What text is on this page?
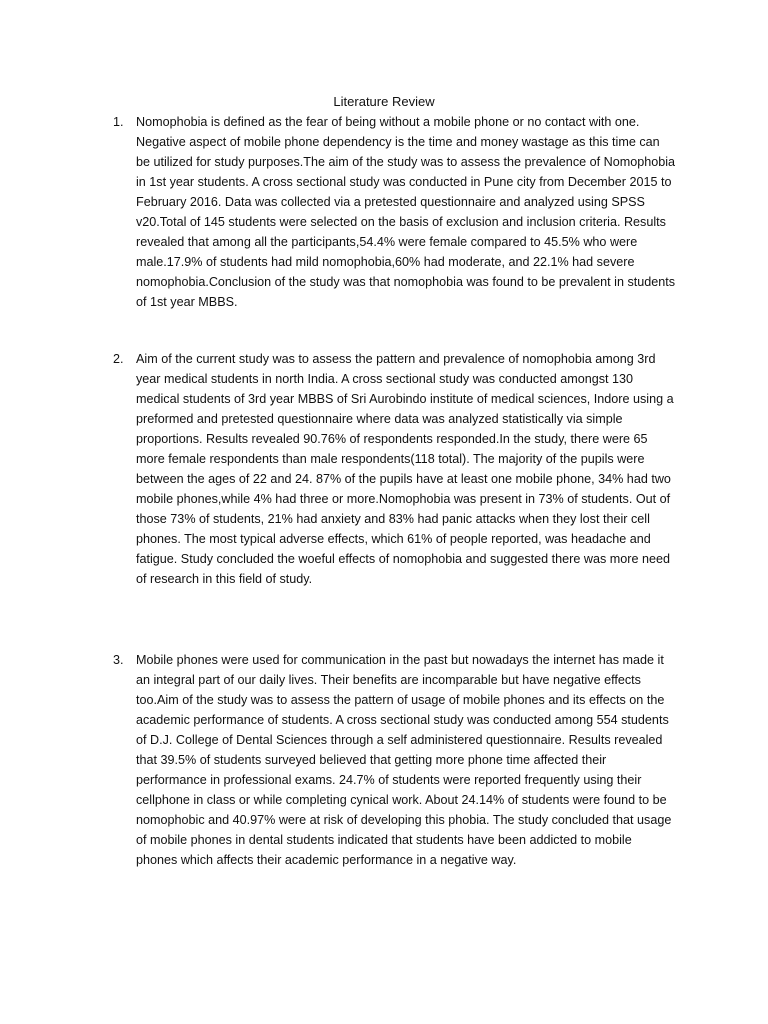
Literature Review
1. Nomophobia is defined as the fear of being without a mobile phone or no contact with one. Negative aspect of mobile phone dependency is the time and money wastage as this time can be utilized for study purposes.The aim of the study was to assess the prevalence of Nomophobia in 1st year students. A cross sectional study was conducted in Pune city from December 2015 to February 2016. Data was collected via a pretested questionnaire and analyzed using SPSS v20.Total of 145 students were selected on the basis of exclusion and inclusion criteria. Results revealed that among all the participants,54.4% were female compared to 45.5% who were male.17.9% of students had mild nomophobia,60% had moderate, and 22.1% had severe nomophobia.Conclusion of the study was that nomophobia was found to be prevalent in students of 1st year MBBS.
2. Aim of the current study was to assess the pattern and prevalence of nomophobia among 3rd year medical students in north India. A cross sectional study was conducted amongst 130 medical students of 3rd year MBBS of Sri Aurobindo institute of medical sciences, Indore using a preformed and pretested questionnaire where data was analyzed statistically via simple proportions. Results revealed 90.76% of respondents responded.In the study, there were 65 more female respondents than male respondents(118 total). The majority of the pupils were between the ages of 22 and 24. 87% of the pupils have at least one mobile phone, 34% had two mobile phones,while 4% had three or more.Nomophobia was present in 73% of students. Out of those 73% of students, 21% had anxiety and 83% had panic attacks when they lost their cell phones. The most typical adverse effects, which 61% of people reported, was headache and fatigue. Study concluded the woeful effects of nomophobia and suggested there was more need of research in this field of study.
3. Mobile phones were used for communication in the past but nowadays the internet has made it an integral part of our daily lives. Their benefits are incomparable but have negative effects too.Aim of the study was to assess the pattern of usage of mobile phones and its effects on the academic performance of students. A cross sectional study was conducted among 554 students of D.J. College of Dental Sciences through a self administered questionnaire. Results revealed that 39.5% of students surveyed believed that getting more phone time affected their performance in professional exams. 24.7% of students were reported frequently using their cellphone in class or while completing cynical work. About 24.14% of students were found to be nomophobic and 40.97% were at risk of developing this phobia. The study concluded that usage of mobile phones in dental students indicated that students have been addicted to mobile phones which affects their academic performance in a negative way.
